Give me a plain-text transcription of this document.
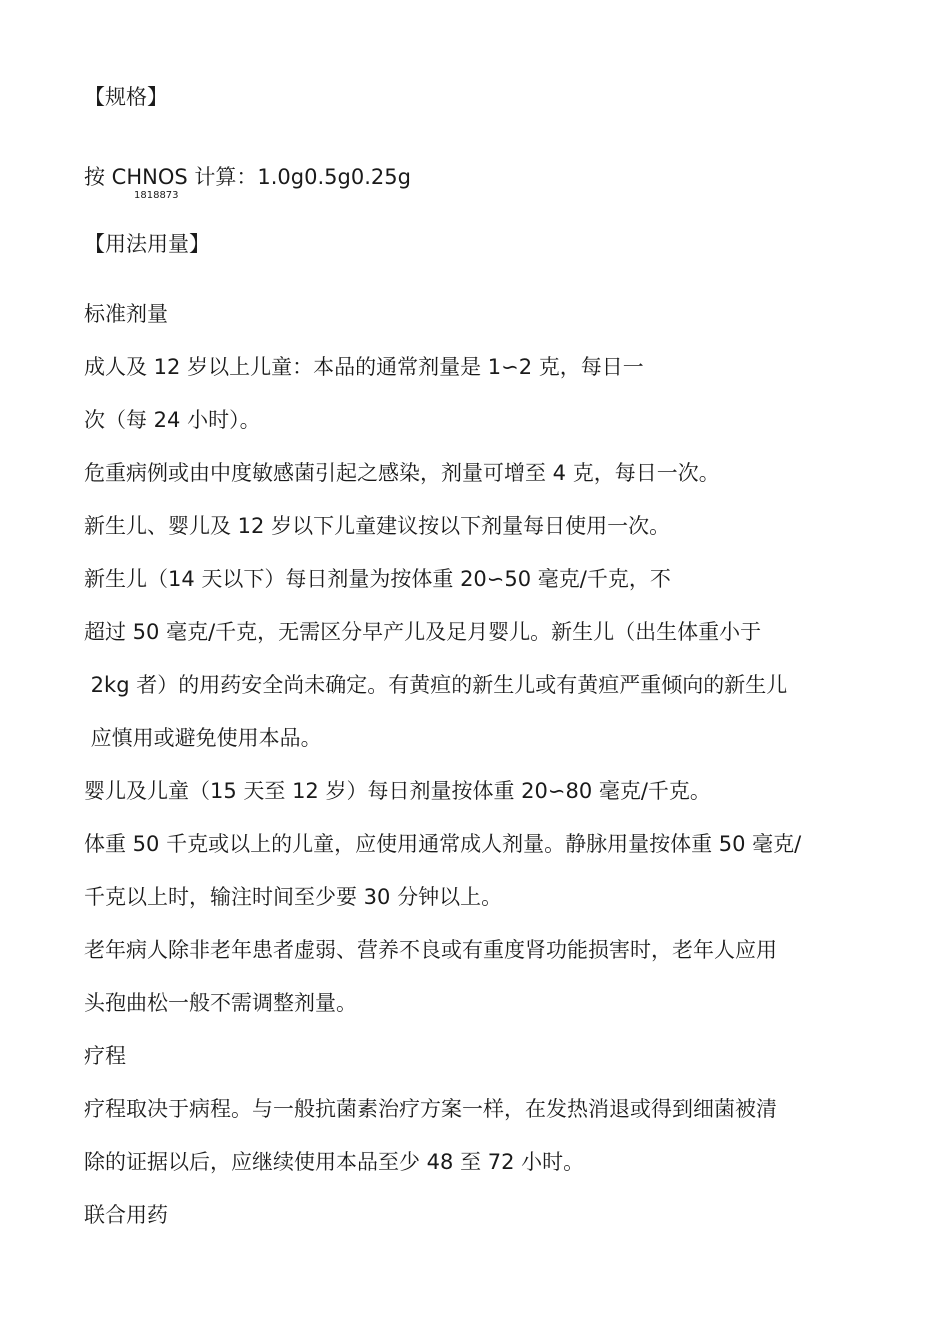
【规格】
按 CHNOS 计算：1.0g0.5g0.25g
1818873
【用法用量】
标准剂量
成人及 12 岁以上儿童：本品的通常剂量是 1∽2 克，每日一
次（每 24 小时）。
危重病例或由中度敏感菌引起之感染，剂量可增至 4 克，每日一次。
新生儿、婴儿及 12 岁以下儿童建议按以下剂量每日使用一次。
新生儿（14 天以下）每日剂量为按体重 20∽50 毫克/千克，不
超过 50 毫克/千克，无需区分早产儿及足月婴儿。新生儿（出生体重小于
2kg 者）的用药安全尚未确定。有黄疸的新生儿或有黄疸严重倾向的新生儿
应慎用或避免使用本品。
婴儿及儿童（15 天至 12 岁）每日剂量按体重 20∽80 毫克/千克。
体重 50 千克或以上的儿童，应使用通常成人剂量。静脉用量按体重 50 毫克/
千克以上时，输注时间至少要 30 分钟以上。
老年病人除非老年患者虚弱、营养不良或有重度肾功能损害时，老年人应用
头孢曲松一般不需调整剂量。
疗程
疗程取决于病程。与一般抗菌素治疗方案一样，在发热消退或得到细菌被清
除的证据以后，应继续使用本品至少 48 至 72 小时。
联合用药
